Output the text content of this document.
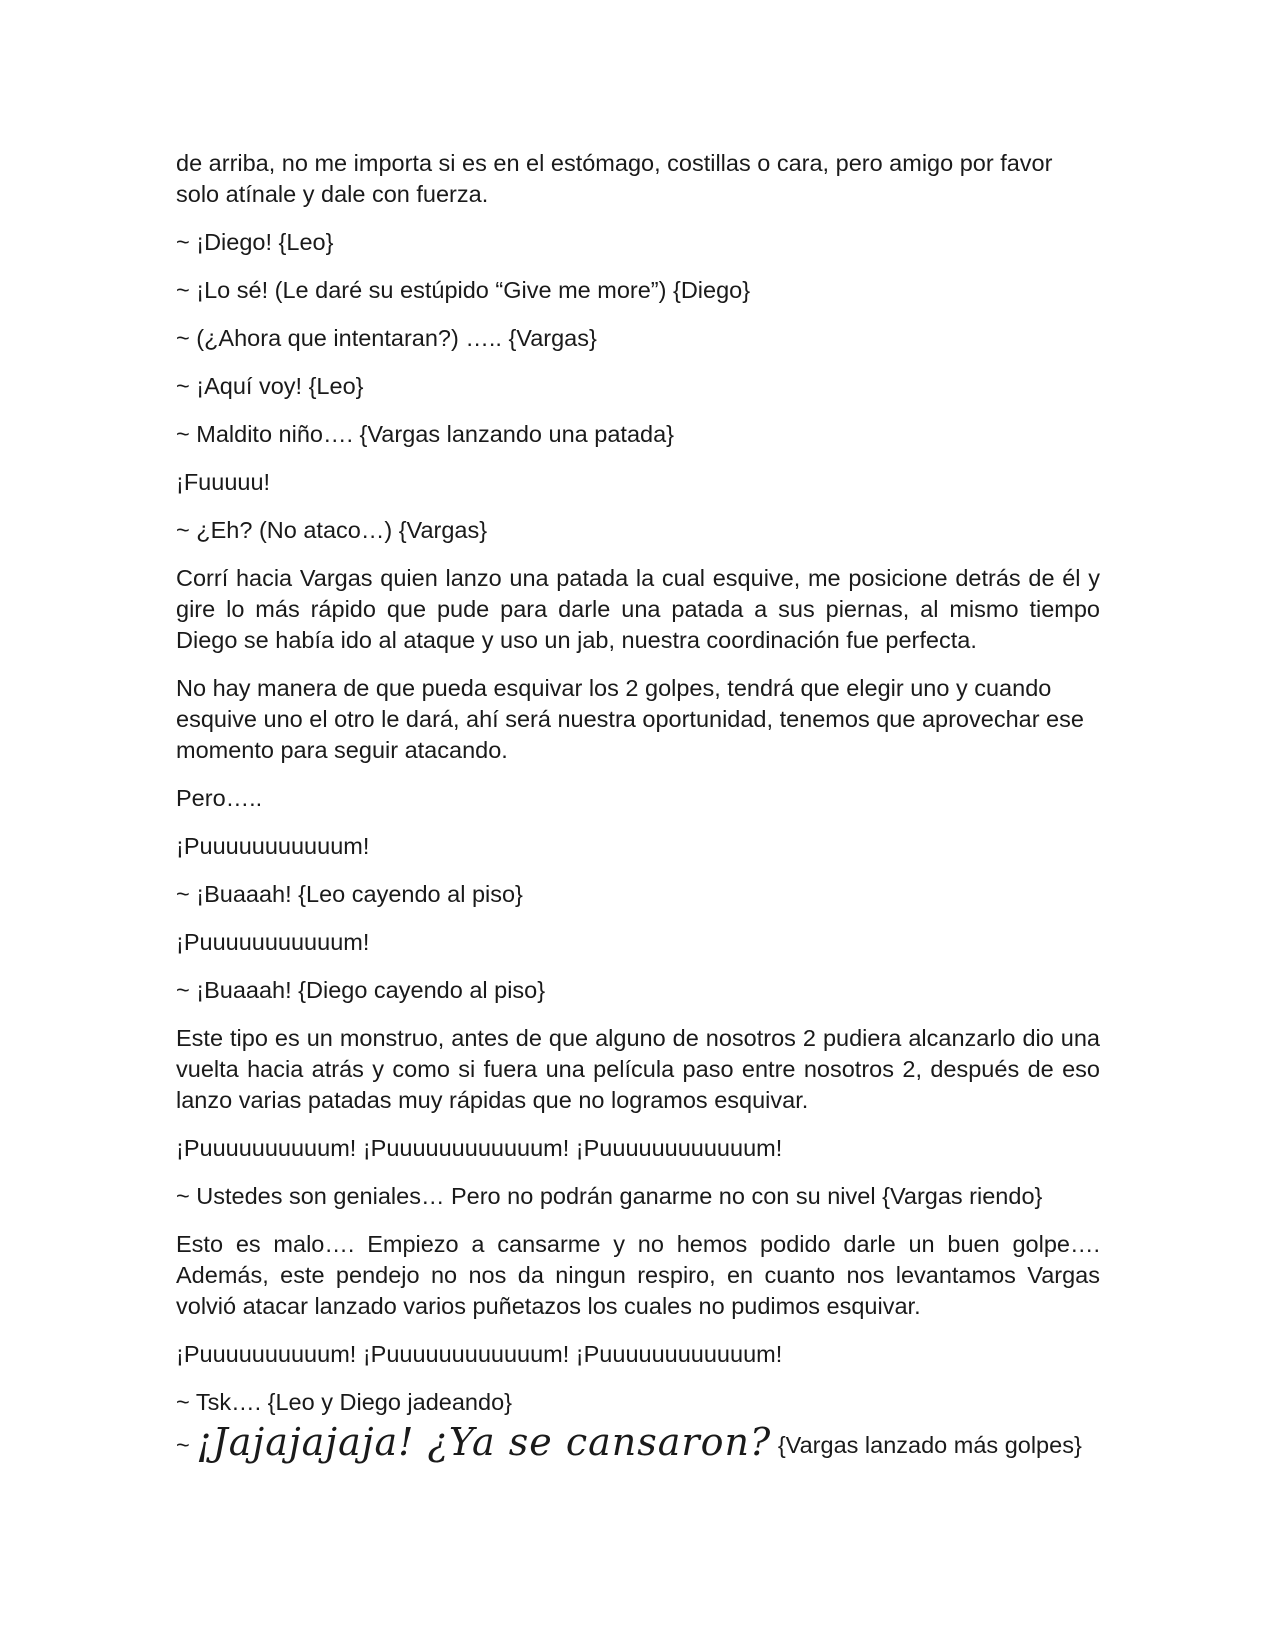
de arriba, no me importa si es en el estómago, costillas o cara, pero amigo por favor solo atínale y dale con fuerza.

~ ¡Diego! {Leo}

~ ¡Lo sé! (Le daré su estúpido “Give me more”) {Diego}

~ (¿Ahora que intentaran?) ….. {Vargas}

~ ¡Aquí voy! {Leo}

~ Maldito niño…. {Vargas lanzando una patada}

¡Fuuuuu!

~ ¿Eh? (No ataco…) {Vargas}

Corrí hacia Vargas quien lanzo una patada la cual esquive, me posicione detrás de él y gire lo más rápido que pude para darle una patada a sus piernas, al mismo tiempo Diego se había ido al ataque y uso un jab, nuestra coordinación fue perfecta.

No hay manera de que pueda esquivar los 2 golpes, tendrá que elegir uno y cuando esquive uno el otro le dará, ahí será nuestra oportunidad, tenemos que aprovechar ese momento para seguir atacando.

Pero…..

¡Puuuuuuuuuuum!

~ ¡Buaaah! {Leo cayendo al piso}

¡Puuuuuuuuuuum!

~ ¡Buaaah! {Diego cayendo al piso}

Este tipo es un monstruo, antes de que alguno de nosotros 2 pudiera alcanzarlo dio una vuelta hacia atrás y como si fuera una película paso entre nosotros 2, después de eso lanzo varias patadas muy rápidas que no logramos esquivar.

¡Puuuuuuuuuum! ¡Puuuuuuuuuuuum! ¡Puuuuuuuuuuuum!

~ Ustedes son geniales… Pero no podrán ganarme no con su nivel {Vargas riendo}

Esto es malo…. Empiezo a cansarme y no hemos podido darle un buen golpe…. Además, este pendejo no nos da ningun respiro, en cuanto nos levantamos Vargas volvió atacar lanzado varios puñetazos los cuales no pudimos esquivar.

¡Puuuuuuuuuum! ¡Puuuuuuuuuuuum! ¡Puuuuuuuuuuuum!

~ Tsk…. {Leo y Diego jadeando}

~ ¡Jajajajaja! ¿Ya se cansaron? {Vargas lanzado más golpes}
